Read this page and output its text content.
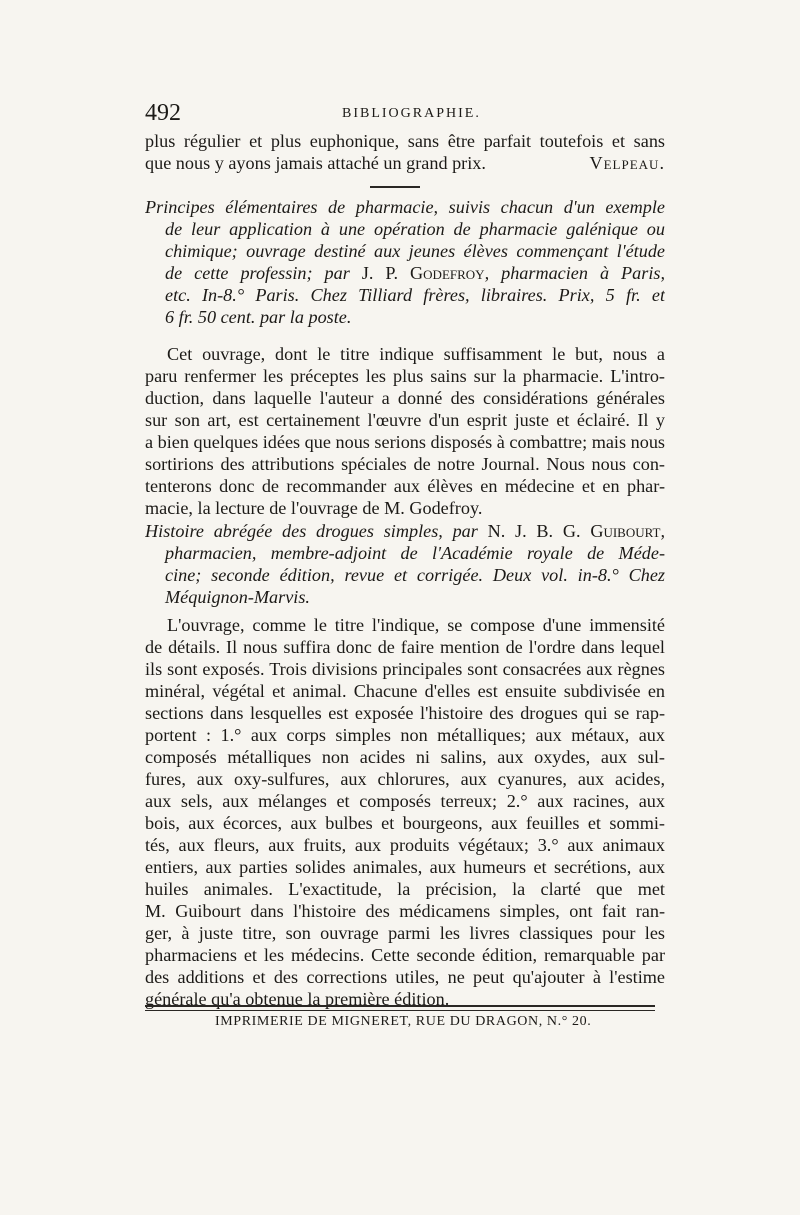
492	BIBLIOGRAPHIE.
plus régulier et plus euphonique, sans être parfait toutefois et sans
que nous y ayons jamais attaché un grand prix.	Velpeau.
Principes élémentaires de pharmacie, suivis chacun d'un exemple
de leur application à une opération de pharmacie galénique ou
chimique; ouvrage destiné aux jeunes élèves commençant l'étude
de cette professin; par J. P. Godefroy, pharmacien à Paris,
etc. In-8.° Paris. Chez Tilliard frères, libraires. Prix, 5 fr. et
6 fr. 50 cent. par la poste.
Cet ouvrage, dont le titre indique suffisamment le but, nous a
paru renfermer les préceptes les plus sains sur la pharmacie. L'intro-
duction, dans laquelle l'auteur a donné des considérations générales
sur son art, est certainement l'œuvre d'un esprit juste et éclairé. Il y
a bien quelques idées que nous serions disposés à combattre; mais nous
sortirions des attributions spéciales de notre Journal. Nous nous con-
tenterons donc de recommander aux élèves en médecine et en phar-
macie, la lecture de l'ouvrage de M. Godefroy.
Histoire abrégée des drogues simples, par N. J. B. G. Guibourt,
pharmacien, membre-adjoint de l'Académie royale de Méde-
cine; seconde édition, revue et corrigée. Deux vol. in-8.° Chez
Méquignon-Marvis.
L'ouvrage, comme le titre l'indique, se compose d'une immensité
de détails. Il nous suffira donc de faire mention de l'ordre dans lequel
ils sont exposés. Trois divisions principales sont consacrées aux règnes
minéral, végétal et animal. Chacune d'elles est ensuite subdivisée en
sections dans lesquelles est exposée l'histoire des drogues qui se rap-
portent : 1.° aux corps simples non métalliques; aux métaux, aux
composés métalliques non acides ni salins, aux oxydes, aux sul-
fures, aux oxy-sulfures, aux chlorures, aux cyanures, aux acides,
aux sels, aux mélanges et composés terreux; 2.° aux racines, aux
bois, aux écorces, aux bulbes et bourgeons, aux feuilles et sommi-
tés, aux fleurs, aux fruits, aux produits végétaux; 3.° aux animaux
entiers, aux parties solides animales, aux humeurs et secrétions, aux
huiles animales. L'exactitude, la précision, la clarté que met
M. Guibourt dans l'histoire des médicamens simples, ont fait ran-
ger, à juste titre, son ouvrage parmi les livres classiques pour les
pharmaciens et les médecins. Cette seconde édition, remarquable par
des additions et des corrections utiles, ne peut qu'ajouter à l'estime
générale qu'a obtenue la première édition.
IMPRIMERIE DE MIGNERET, RUE DU DRAGON, N.° 20.
